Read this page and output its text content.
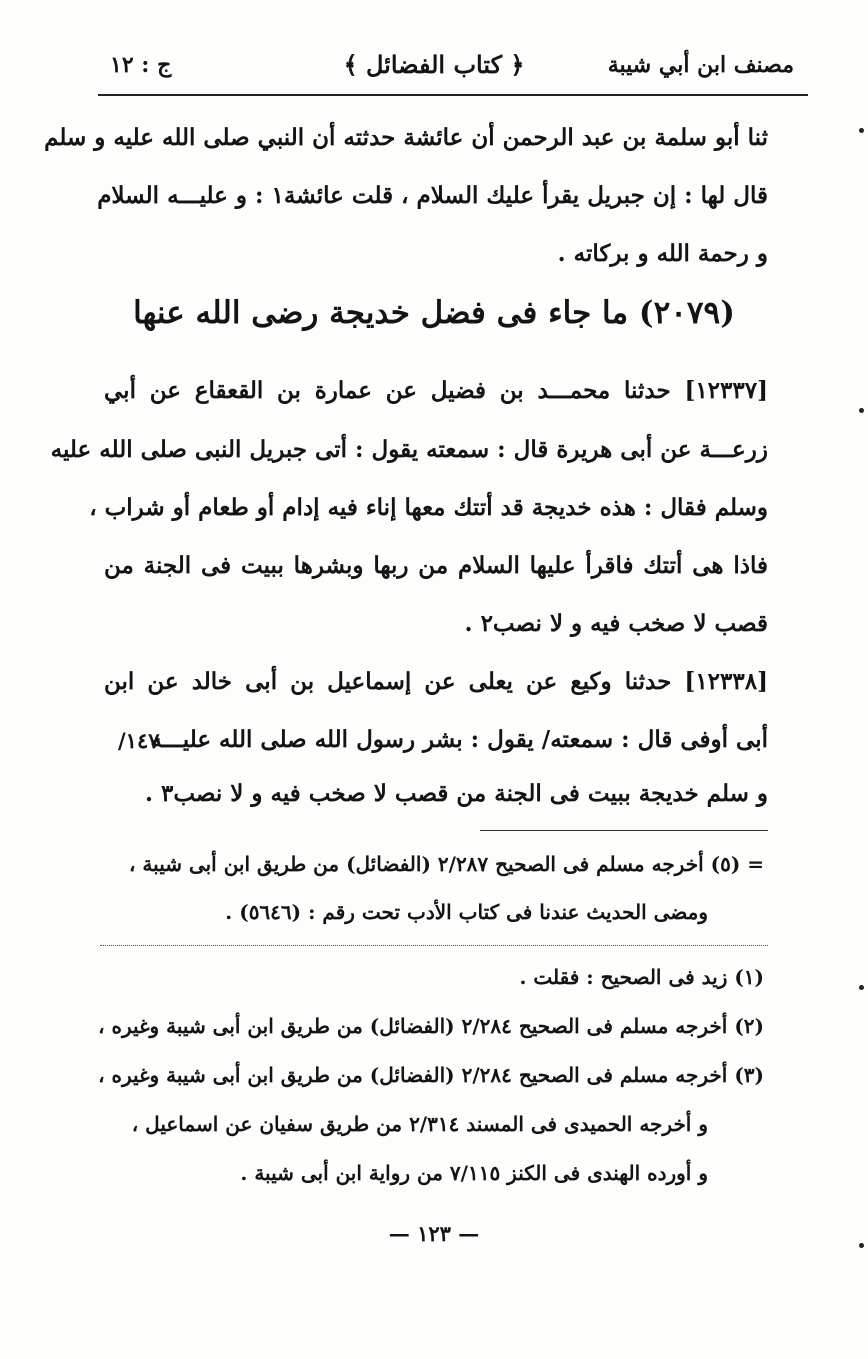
مصنف ابن أبي شيبة
﴿ كتاب الفضائل ﴾
ج : ١٢
ثنا أبو سلمة بن عبد الرحمن أن عائشة حدثته أن النبي صلى الله عليه و سلم
قال لها : إن جبريل يقرأ عليك السلام ، قلت عائشة١ : و عليـــه السلام
و رحمة الله و بركاته .
(٢٠٧٩) ما جاء فى فضل خديجة رضى الله عنها
[١٢٣٣٧] حدثنا محمـــد بن فضيل عن عمارة بن القعقاع عن أبي
زرعـــة عن أبى هريرة قال : سمعته يقول : أتى جبريل النبى صلى الله عليه
وسلم فقال : هذه خديجة قد أتتك معها إناء فيه إدام أو طعام أو شراب ،
فاذا هى أتتك فاقرأ عليها السلام من ربها وبشرها ببيت فى الجنة من
قصب لا صخب فيه و لا نصب٢ .
[١٢٣٣٨] حدثنا وكيع عن يعلى عن إسماعيل بن أبى خالد عن ابن
أبى أوفى قال : سمعته/ يقول : بشر رسول الله صلى الله عليـــه
١٤٧/
و سلم خديجة ببيت فى الجنة من قصب لا صخب فيه و لا نصب٣ .
= (٥) أخرجه مسلم فى الصحيح ٢/٢٨٧ (الفضائل) من طريق ابن أبى شيبة ،
ومضى الحديث عندنا فى كتاب الأدب تحت رقم : (٥٦٤٦) .
(١) زيد فى الصحيح : فقلت .
(٢) أخرجه مسلم فى الصحيح ٢/٢٨٤ (الفضائل) من طريق ابن أبى شيبة وغيره ،
(٣) أخرجه مسلم فى الصحيح ٢/٢٨٤ (الفضائل) من طريق ابن أبى شيبة وغيره ،
و أخرجه الحميدى فى المسند ٢/٣١٤ من طريق سفيان عن اسماعيل ،
و أورده الهندى فى الكنز ٧/١١٥ من رواية ابن أبى شيبة .
— ١٢٣ —
